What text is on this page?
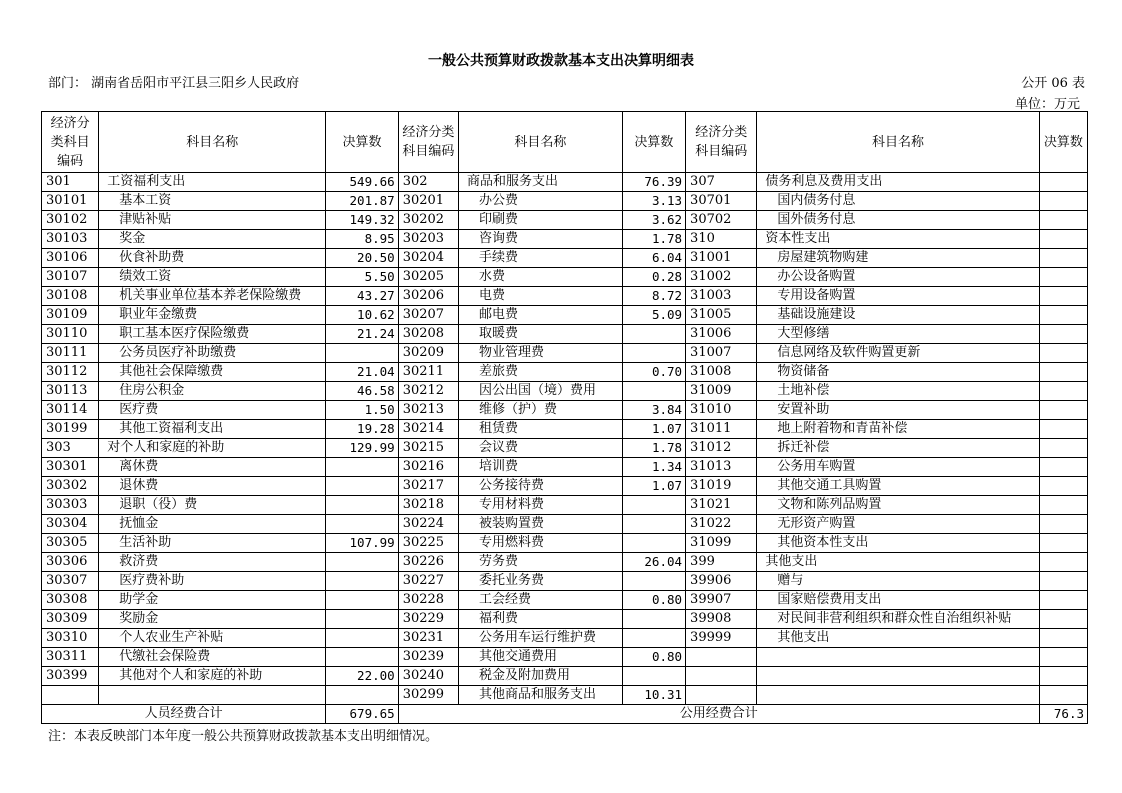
一般公共预算财政拨款基本支出决算明细表
部门： 湖南省岳阳市平江县三阳乡人民政府	公开 06 表
单位：万元
经济分类科目编码	科目名称	决算数	经济分类科目编码	科目名称	决算数	经济分类科目编码	科目名称	决算数
301	工资福利支出	549.66	302	商品和服务支出	76.39	307	债务利息及费用支出	
30101	基本工资	201.87	30201	办公费	3.13	30701	国内债务付息	
30102	津贴补贴	149.32	30202	印刷费	3.62	30702	国外债务付息	
30103	奖金	8.95	30203	咨询费	1.78	310	资本性支出	
30106	伙食补助费	20.50	30204	手续费	6.04	31001	房屋建筑物购建	
30107	绩效工资	5.50	30205	水费	0.28	31002	办公设备购置	
30108	机关事业单位基本养老保险缴费	43.27	30206	电费	8.72	31003	专用设备购置	
30109	职业年金缴费	10.62	30207	邮电费	5.09	31005	基础设施建设	
30110	职工基本医疗保险缴费	21.24	30208	取暖费		31006	大型修缮	
30111	公务员医疗补助缴费		30209	物业管理费		31007	信息网络及软件购置更新	
30112	其他社会保障缴费	21.04	30211	差旅费	0.70	31008	物资储备	
30113	住房公积金	46.58	30212	因公出国（境）费用		31009	土地补偿	
30114	医疗费	1.50	30213	维修（护）费	3.84	31010	安置补助	
30199	其他工资福利支出	19.28	30214	租赁费	1.07	31011	地上附着物和青苗补偿	
303	对个人和家庭的补助	129.99	30215	会议费	1.78	31012	拆迁补偿	
30301	离休费		30216	培训费	1.34	31013	公务用车购置	
30302	退休费		30217	公务接待费	1.07	31019	其他交通工具购置	
30303	退职（役）费		30218	专用材料费		31021	文物和陈列品购置	
30304	抚恤金		30224	被装购置费		31022	无形资产购置	
30305	生活补助	107.99	30225	专用燃料费		31099	其他资本性支出	
30306	救济费		30226	劳务费	26.04	399	其他支出	
30307	医疗费补助		30227	委托业务费		39906	赠与	
30308	助学金		30228	工会经费	0.80	39907	国家赔偿费用支出	
30309	奖励金		30229	福利费		39908	对民间非营利组织和群众性自治组织补贴	
30310	个人农业生产补贴		30231	公务用车运行维护费		39999	其他支出	
30311	代缴社会保险费		30239	其他交通费用	0.80			
30399	其他对个人和家庭的补助	22.00	30240	税金及附加费用				
			30299	其他商品和服务支出	10.31			
人员经费合计		679.65	公用经费合计					76.3
注：本表反映部门本年度一般公共预算财政拨款基本支出明细情况。
